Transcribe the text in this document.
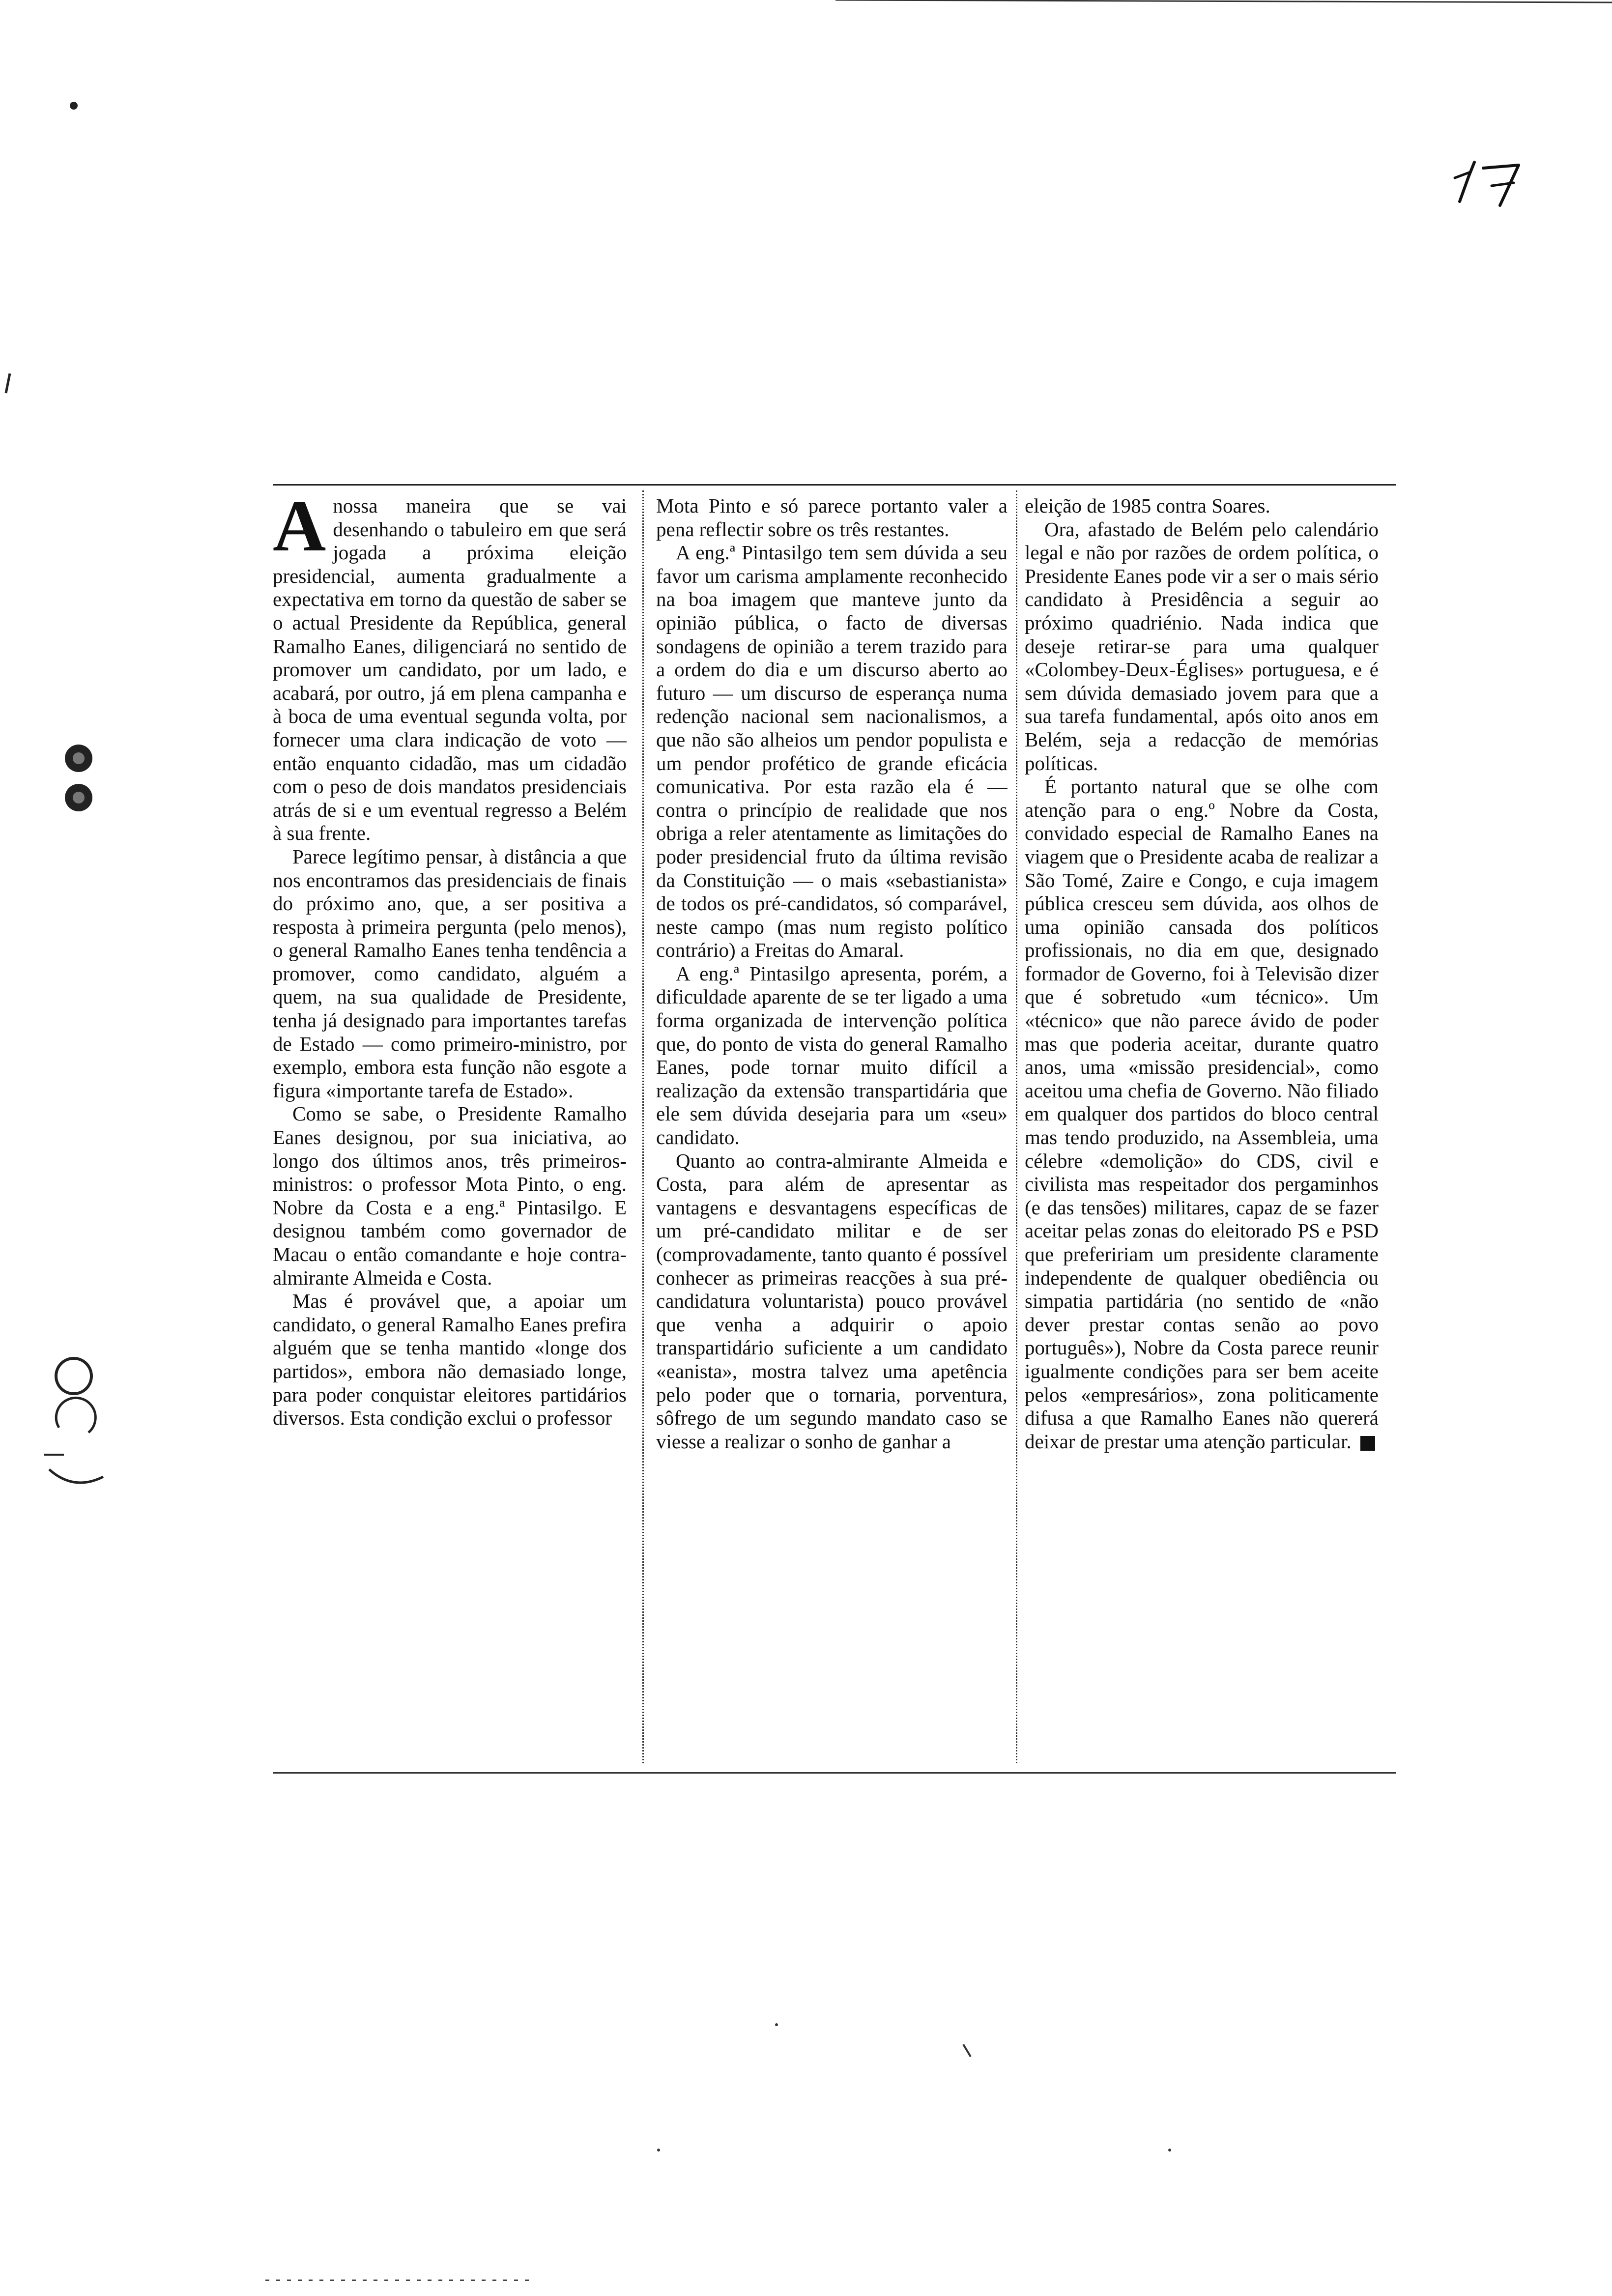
A nossa maneira que se vai desenhando o tabuleiro em que será jogada a próxima eleição presidencial, aumenta gradualmente a expectativa em torno da questão de saber se o actual Presidente da República, general Ramalho Eanes, diligenciará no sentido de promover um candidato, por um lado, e acabará, por outro, já em plena campanha e à boca de uma eventual segunda volta, por fornecer uma clara indicação de voto — então enquanto cidadão, mas um cidadão com o peso de dois mandatos presidenciais atrás de si e um eventual regresso a Belém à sua frente.

Parece legítimo pensar, à distância a que nos encontramos das presidenciais de finais do próximo ano, que, a ser positiva a resposta à primeira pergunta (pelo menos), o general Ramalho Eanes tenha tendência a promover, como candidato, alguém a quem, na sua qualidade de Presidente, tenha já designado para importantes tarefas de Estado — como primeiro-ministro, por exemplo, embora esta função não esgote a figura «importante tarefa de Estado».

Como se sabe, o Presidente Ramalho Eanes designou, por sua iniciativa, ao longo dos últimos anos, três primeiros-ministros: o professor Mota Pinto, o eng. Nobre da Costa e a eng.ª Pintasilgo. E designou também como governador de Macau o então comandante e hoje contra-almirante Almeida e Costa.

Mas é provável que, a apoiar um candidato, o general Ramalho Eanes prefira alguém que se tenha mantido «longe dos partidos», embora não demasiado longe, para poder conquistar eleitores partidários diversos. Esta condição exclui o professor

Mota Pinto e só parece portanto valer a pena reflectir sobre os três restantes.

A eng.ª Pintasilgo tem sem dúvida a seu favor um carisma amplamente reconhecido na boa imagem que manteve junto da opinião pública, o facto de diversas sondagens de opinião a terem trazido para a ordem do dia e um discurso aberto ao futuro — um discurso de esperança numa redenção nacional sem nacionalismos, a que não são alheios um pendor populista e um pendor profético de grande eficácia comunicativa. Por esta razão ela é — contra o princípio de realidade que nos obriga a reler atentamente as limitações do poder presidencial fruto da última revisão da Constituição — o mais «sebastianista» de todos os pré-candidatos, só comparável, neste campo (mas num registo político contrário) a Freitas do Amaral.

A eng.ª Pintasilgo apresenta, porém, a dificuldade aparente de se ter ligado a uma forma organizada de intervenção política que, do ponto de vista do general Ramalho Eanes, pode tornar muito difícil a realização da extensão transpartidária que ele sem dúvida desejaria para um «seu» candidato.

Quanto ao contra-almirante Almeida e Costa, para além de apresentar as vantagens e desvantagens específicas de um pré-candidato militar e de ser (comprovadamente, tanto quanto é possível conhecer as primeiras reacções à sua pré-candidatura voluntarista) pouco provável que venha a adquirir o apoio transpartidário suficiente a um candidato «eanista», mostra talvez uma apetência pelo poder que o tornaria, porventura, sôfrego de um segundo mandato caso se viesse a realizar o sonho de ganhar a

eleição de 1985 contra Soares.

Ora, afastado de Belém pelo calendário legal e não por razões de ordem política, o Presidente Eanes pode vir a ser o mais sério candidato à Presidência a seguir ao próximo quadriénio. Nada indica que deseje retirar-se para uma qualquer «Colombey-Deux-Églises» portuguesa, e é sem dúvida demasiado jovem para que a sua tarefa fundamental, após oito anos em Belém, seja a redacção de memórias políticas.

É portanto natural que se olhe com atenção para o eng.º Nobre da Costa, convidado especial de Ramalho Eanes na viagem que o Presidente acaba de realizar a São Tomé, Zaire e Congo, e cuja imagem pública cresceu sem dúvida, aos olhos de uma opinião cansada dos políticos profissionais, no dia em que, designado formador de Governo, foi à Televisão dizer que é sobretudo «um técnico». Um «técnico» que não parece ávido de poder mas que poderia aceitar, durante quatro anos, uma «missão presidencial», como aceitou uma chefia de Governo. Não filiado em qualquer dos partidos do bloco central mas tendo produzido, na Assembleia, uma célebre «demolição» do CDS, civil e civilista mas respeitador dos pergaminhos (e das tensões) militares, capaz de se fazer aceitar pelas zonas do eleitorado PS e PSD que prefeririam um presidente claramente independente de qualquer obediência ou simpatia partidária (no sentido de «não dever prestar contas senão ao povo português»), Nobre da Costa parece reunir igualmente condições para ser bem aceite pelos «empresários», zona politicamente difusa a que Ramalho Eanes não quererá deixar de prestar uma atenção particular.
